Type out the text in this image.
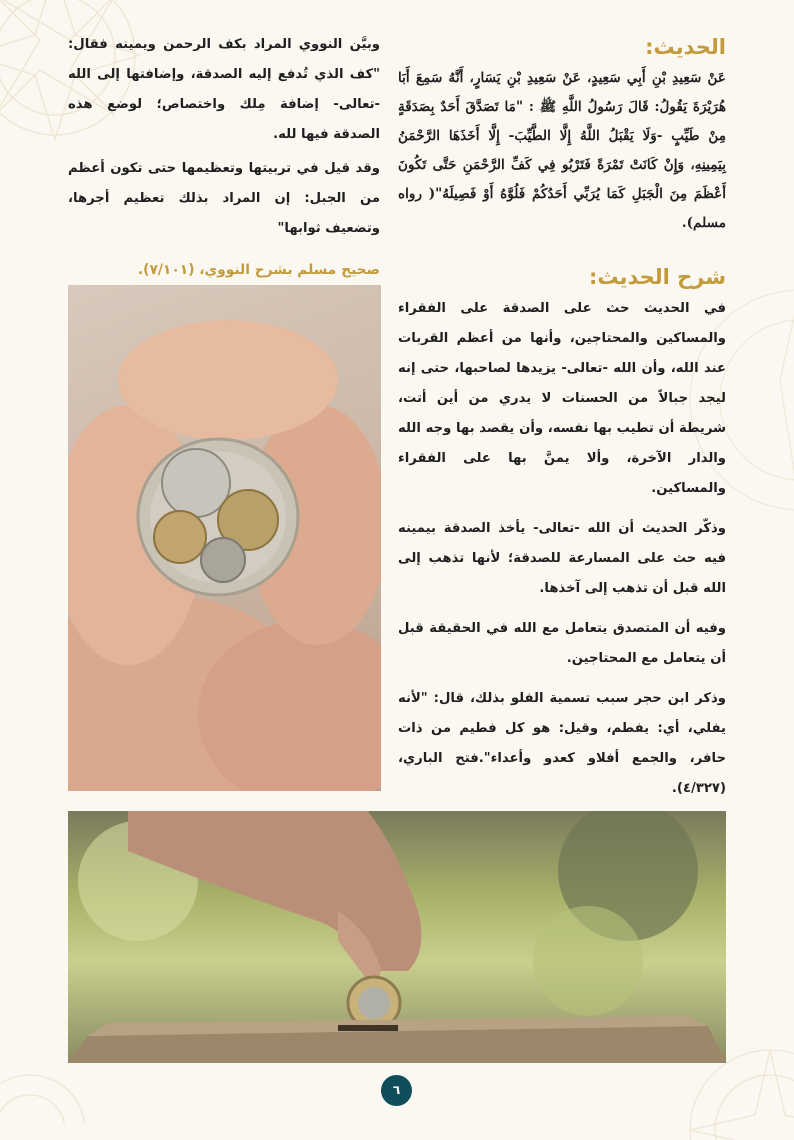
الحديث:

عَنْ سَعِيدِ بْنِ أَبِي سَعِيدٍ، عَنْ سَعِيدِ بْنِ يَسَارٍ، أَنَّهُ سَمِعَ أَبَا هُرَيْرَةَ يَقُولُ: قَالَ رَسُولُ اللَّهِ ﷺ : "مَا تَصَدَّقَ أَحَدٌ بِصَدَقَةٍ مِنْ طَيِّبٍ -وَلَا يَقْبَلُ اللَّهُ إِلَّا الطَّيِّبَ- إِلَّا أَخَذَهَا الرَّحْمَنُ بِيَمِينِهِ، وَإِنْ كَانَتْ تَمْرَةً فَتَرْبُو فِي كَفِّ الرَّحْمَنِ حَتَّى تَكُونَ أَعْظَمَ مِنَ الْجَبَلِ كَمَا يُرَبِّي أَحَدُكُمْ فَلُوَّهُ أَوْ فَصِيلَهُ"( رواه مسلم).

شرح الحديث:

في الحديث حث على الصدقة على الفقراء والمساكين والمحتاجين، وأنها من أعظم القربات عند الله، وأن الله -تعالى- يزيدها لصاحبها، حتى إنه ليجد جبالاً من الحسنات لا يدري من أين أتت، شريطة أن تطيب بها نفسه، وأن يقصد بها وجه الله والدار الآخرة، وألا يمنَّ بها على الفقراء والمساكين.

وذكّر الحديث أن الله -تعالى- يأخذ الصدقة بيمينه فيه حث على المسارعة للصدقة؛ لأنها تذهب إلى الله قبل أن تذهب إلى آخذها.

وفيه أن المتصدق يتعامل مع الله في الحقيقة قبل أن يتعامل مع المحتاجين.

وذكر ابن حجر سبب تسمية الفلو بذلك، قال: "لأنه يفلي، أي: يفطم، وقيل: هو كل فطيم من ذات حافر، والجمع أفلاو كعدو وأعداء".فتح الباري، (٤/٣٢٧).

وبيَّن النووي المراد بكف الرحمن ويمينه فقال: "كف الذي تُدفع إليه الصدقة، وإضافتها إلى الله -تعالى- إضافة مِلك واختصاص؛ لوضع هذه الصدقة فيها لله.

وقد قيل في تربيتها وتعظيمها حتى تكون أعظم من الجبل: إن المراد بذلك تعظيم أجرها، وتضعيف ثوابها"

صحيح مسلم بشرح النووي، (٧/١٠١).

٦
